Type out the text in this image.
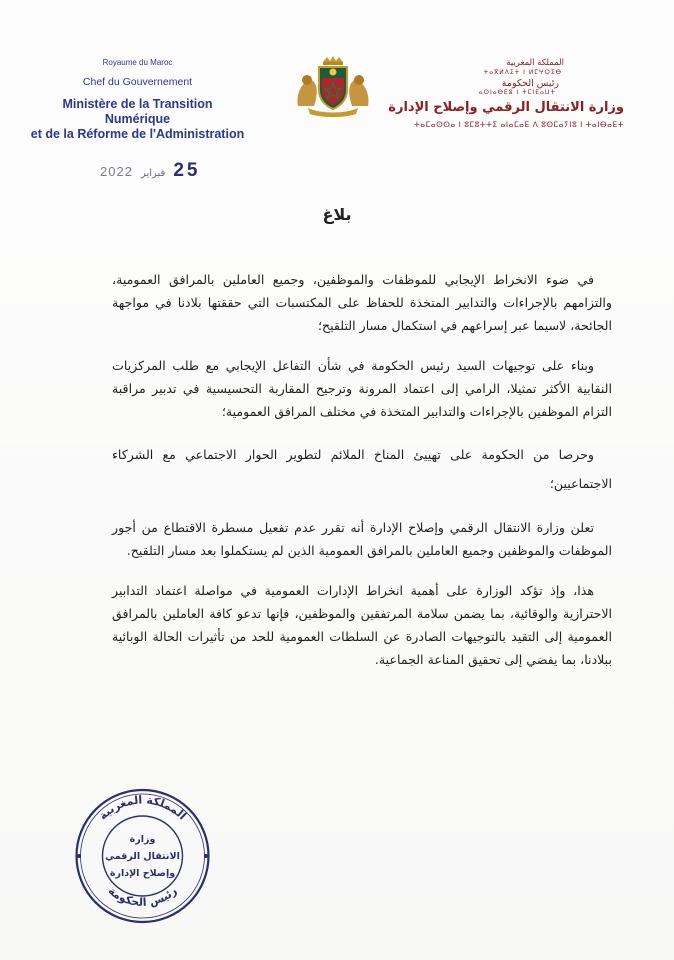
Royaume du Maroc
Chef du Gouvernement
Ministère de la Transition Numérique
et de la Réforme de l'Administration
المملكة المغربية
ⵜⴰⴳⵍⴷⵉⵜ ⵏ ⵍⵎⵖⵔⵉⴱ
رئيس الحكومة
ⴰⵙⵏⴰⴱⴹⵓ ⵏ ⵜⵎⵏⴹⴰⵡⵜ
وزارة الانتقال الرقمي وإصلاح الإدارة
ⵜⴰⵎⴰⵙⵙⴰ ⵏ ⵓⵎⵓⵜⵜⵉ ⴰⵏⴰⵎⴰⴹ ⴷ ⵓⵙⵎⴰⵢⵏⵓ ⵏ ⵜⴰⵏⴱⴰⴹⵜ
2022 فبراير 25
بلاغ

في ضوء الانخراط الإيجابي للموظفات والموظفين، وجميع العاملين بالمرافق العمومية، والتزامهم بالإجراءات والتدابير المتخذة للحفاظ على المكتسبات التي حققتها بلادنا في مواجهة الجائحة، لاسيما عبر إسراعهم في استكمال مسار التلقيح؛

وبناء على توجيهات السيد رئيس الحكومة في شأن التفاعل الإيجابي مع طلب المركزيات النقابية الأكثر تمثيلا، الرامي إلى اعتماد المرونة وترجيح المقاربة التحسيسية في تدبير مراقبة التزام الموظفين بالإجراءات والتدابير المتخذة في مختلف المرافق العمومية؛

وحرصا من الحكومة على تهييئ المناخ الملائم لتطوير الحوار الاجتماعي مع الشركاء الاجتماعيين؛

تعلن وزارة الانتقال الرقمي وإصلاح الإدارة أنه تقرر عدم تفعيل مسطرة الاقتطاع من أجور الموظفات والموظفين وجميع العاملين بالمرافق العمومية الذين لم يستكملوا بعد مسار التلقيح.

هذا، وإذ تؤكد الوزارة على أهمية انخراط الإدارات العمومية في مواصلة اعتماد التدابير الاحترازية والوقائية، بما يضمن سلامة المرتفقين والموظفين، فإنها تدعو كافة العاملين بالمرافق العمومية إلى التقيد بالتوجيهات الصادرة عن السلطات العمومية للحد من تأثيرات الحالة الوبائية ببلادنا، بما يفضي إلى تحقيق المناعة الجماعية.

المملكة المغربية
رئيس الحكومة
وزارة
الانتقال الرقمي
وإصلاح الإدارة
